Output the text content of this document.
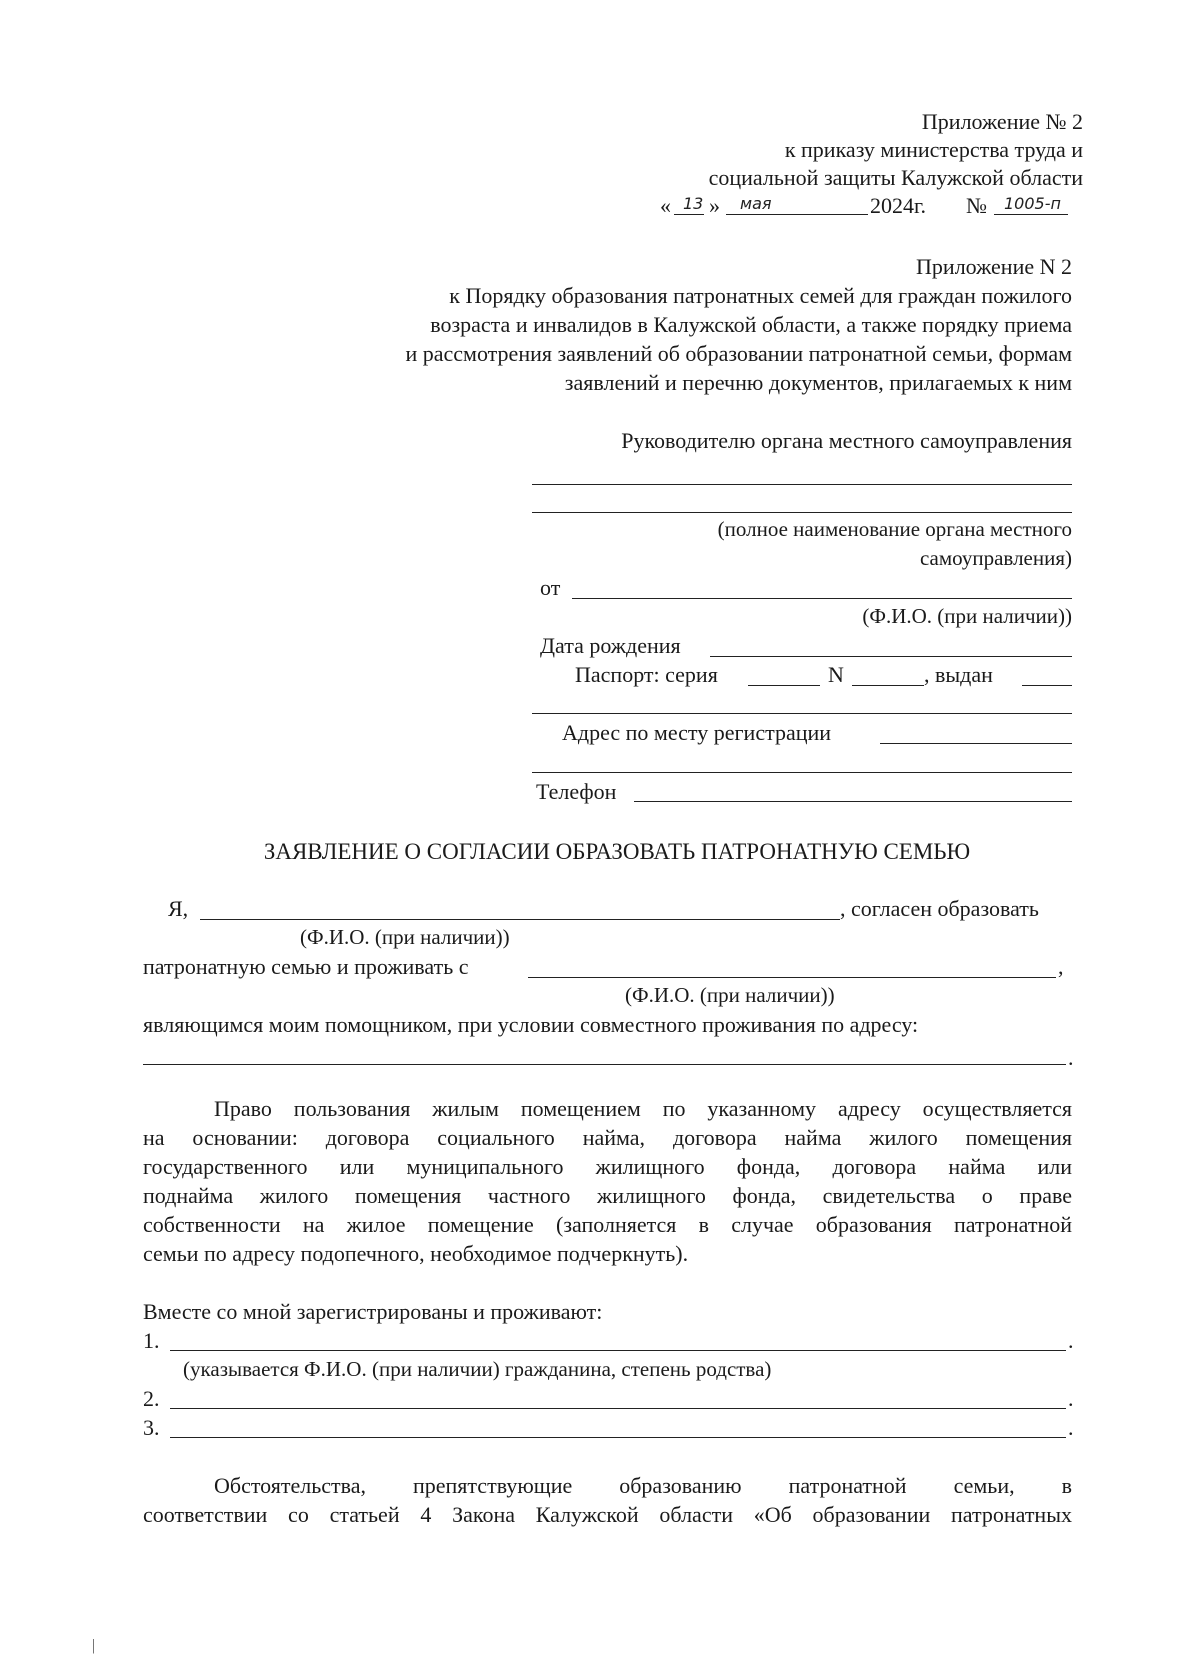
Приложение № 2
к приказу министерства труда и
социальной защиты Калужской области
« 13 » мая	2024г. № 1005-п
Приложение N 2
к Порядку образования патронатных семей для граждан пожилого
возраста и инвалидов в Калужской области, а также порядку приема
и рассмотрения заявлений об образовании патронатной семьи, формам
заявлений и перечню документов, прилагаемых к ним
Руководителю органа местного самоуправления
(полное наименование органа местного
самоуправления)
от
(Ф.И.О. (при наличии))
Дата рождения
Паспорт: серия	N	, выдан
Адрес по месту регистрации
Телефон
ЗАЯВЛЕНИЕ О СОГЛАСИИ ОБРАЗОВАТЬ ПАТРОНАТНУЮ СЕМЬЮ
Я,	, согласен образовать
(Ф.И.О. (при наличии))
патронатную семью и проживать с	,
(Ф.И.О. (при наличии))
являющимся моим помощником, при условии совместного проживания по адресу:
.
Право пользования жилым помещением по указанному адресу осуществляется
на основании: договора социального найма, договора найма жилого помещения
государственного или муниципального жилищного фонда, договора найма или
поднайма жилого помещения частного жилищного фонда, свидетельства о праве
собственности на жилое помещение (заполняется в случае образования патронатной
семьи по адресу подопечного, необходимое подчеркнуть).
Вместе со мной зарегистрированы и проживают:
1.	.
(указывается Ф.И.О. (при наличии) гражданина, степень родства)
2.	.
3.	.
Обстоятельства, препятствующие образованию патронатной семьи, в
соответствии со статьей 4 Закона Калужской области «Об образовании патронатных
|
